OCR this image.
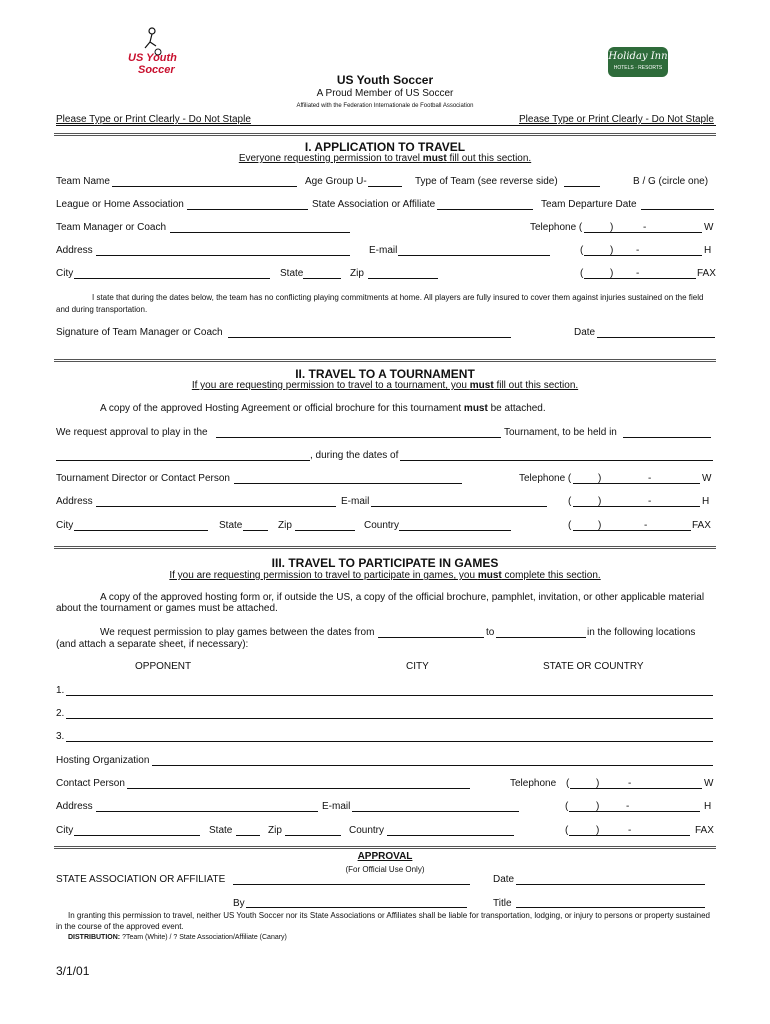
US Youth
Soccer
Holiday Inn
HOTELS · RESORTS
US Youth Soccer
A Proud Member of US Soccer
Affiliated with the Federation Internationale de Football Association
Please Type or Print Clearly - Do Not Staple	Please Type or Print Clearly - Do Not Staple
I. APPLICATION TO TRAVEL
Everyone requesting permission to travel must fill out this section.
Team Name	Age Group U-	Type of Team (see reverse side)	B / G (circle one)
League or Home Association	State Association or Affiliate	Team Departure Date
Team Manager or Coach	Telephone (	)	-	W
Address	E-mail	(	) -	H
City	State	Zip	(	) -	FAX
I state that during the dates below, the team has no conflicting playing commitments at home. All players are fully insured to cover them against injuries sustained on the field and during transportation.
Signature of Team Manager or Coach	Date
II. TRAVEL TO A TOURNAMENT
If you are requesting permission to travel to a tournament, you must fill out this section.
A copy of the approved Hosting Agreement or official brochure for this tournament must be attached.
We request approval to play in the	Tournament, to be held in
, during the dates of
Tournament Director or Contact Person	Telephone (	)	-	W
Address	E-mail	(	)	-	H
City	State	Zip	Country	(	)	-	FAX
III. TRAVEL TO PARTICIPATE IN GAMES
If you are requesting permission to travel to participate in games, you must complete this section.
A copy of the approved hosting form or, if outside the US, a copy of the official brochure, pamphlet, invitation, or other applicable material about the tournament or games must be attached.
We request permission to play games between the dates from	to	in the following locations
(and attach a separate sheet, if necessary):
OPPONENT	CITY	STATE OR COUNTRY
1.
2.
3.
Hosting Organization
Contact Person	Telephone (	)	-	W
Address	E-mail	(	)	-	H
City	State	Zip	Country	(	)	-	FAX
APPROVAL
(For Official Use Only)
STATE ASSOCIATION OR AFFILIATE	Date
By	Title
In granting this permission to travel, neither US Youth Soccer nor its State Associations or Affiliates shall be liable for transportation, lodging, or injury to persons or property sustained in the course of the approved event.
DISTRIBUTION: ?Team (White) / ? State Association/Affiliate (Canary)
3/1/01
